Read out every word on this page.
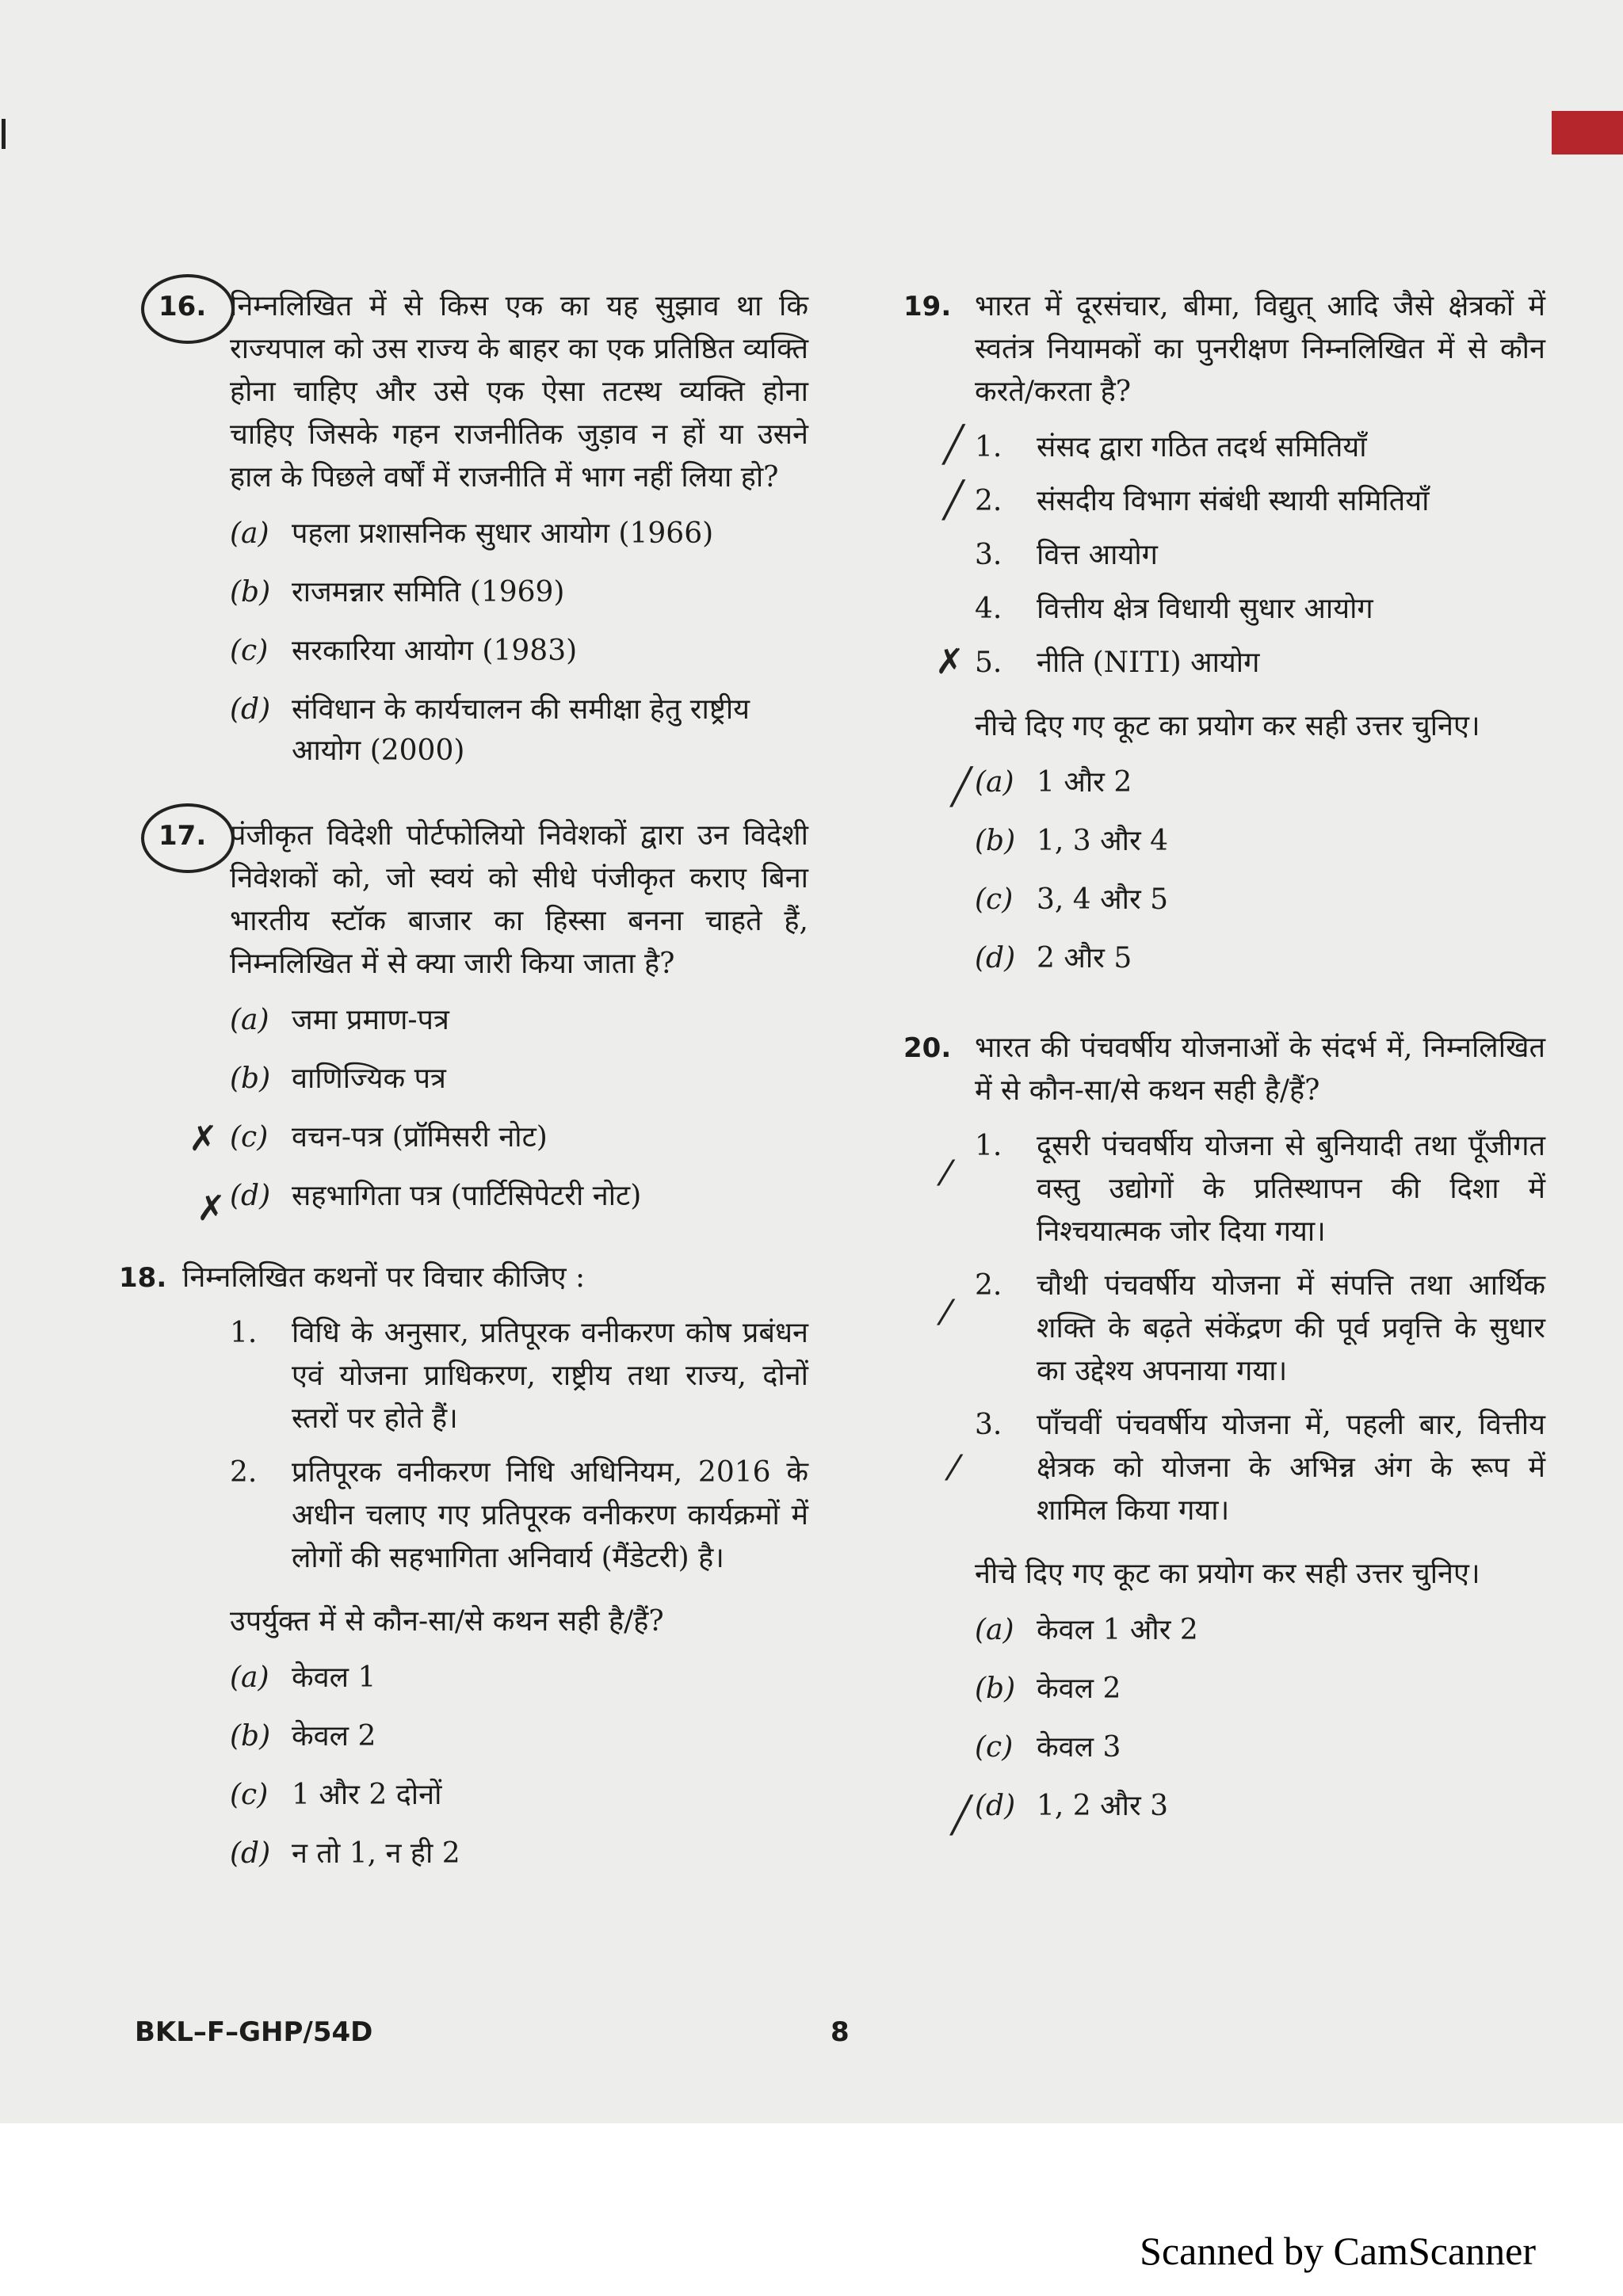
16. निम्नलिखित में से किस एक का यह सुझाव था कि राज्यपाल को उस राज्य के बाहर का एक प्रतिष्ठित व्यक्ति होना चाहिए और उसे एक ऐसा तटस्थ व्यक्ति होना चाहिए जिसके गहन राजनीतिक जुड़ाव न हों या उसने हाल के पिछले वर्षों में राजनीति में भाग नहीं लिया हो?
(a) पहला प्रशासनिक सुधार आयोग (1966)
(b) राजमन्नार समिति (1969)
(c) सरकारिया आयोग (1983)
(d) संविधान के कार्यचालन की समीक्षा हेतु राष्ट्रीय आयोग (2000)
17. पंजीकृत विदेशी पोर्टफोलियो निवेशकों द्वारा उन विदेशी निवेशकों को, जो स्वयं को सीधे पंजीकृत कराए बिना भारतीय स्टॉक बाजार का हिस्सा बनना चाहते हैं, निम्नलिखित में से क्या जारी किया जाता है?
(a) जमा प्रमाण-पत्र
(b) वाणिज्यिक पत्र
✗ (c) वचन-पत्र (प्रॉमिसरी नोट)
✗ (d) सहभागिता पत्र (पार्टिसिपेटरी नोट)
18. निम्नलिखित कथनों पर विचार कीजिए :
1. विधि के अनुसार, प्रतिपूरक वनीकरण कोष प्रबंधन एवं योजना प्राधिकरण, राष्ट्रीय तथा राज्य, दोनों स्तरों पर होते हैं।
2. प्रतिपूरक वनीकरण निधि अधिनियम, 2016 के अधीन चलाए गए प्रतिपूरक वनीकरण कार्यक्रमों में लोगों की सहभागिता अनिवार्य (मैंडेटरी) है।
उपर्युक्त में से कौन-सा/से कथन सही है/हैं?
(a) केवल 1
(b) केवल 2
(c) 1 और 2 दोनों
(d) न तो 1, न ही 2
19. भारत में दूरसंचार, बीमा, विद्युत् आदि जैसे क्षेत्रकों में स्वतंत्र नियामकों का पुनरीक्षण निम्नलिखित में से कौन करते/करता है?
╱ 1. संसद द्वारा गठित तदर्थ समितियाँ
╱ 2. संसदीय विभाग संबंधी स्थायी समितियाँ
3. वित्त आयोग
4. वित्तीय क्षेत्र विधायी सुधार आयोग
✗ 5. नीति (NITI) आयोग
नीचे दिए गए कूट का प्रयोग कर सही उत्तर चुनिए।
╱ (a) 1 और 2
(b) 1, 3 और 4
(c) 3, 4 और 5
(d) 2 और 5
20. भारत की पंचवर्षीय योजनाओं के संदर्भ में, निम्नलिखित में से कौन-सा/से कथन सही है/हैं?
⁄
1. दूसरी पंचवर्षीय योजना से बुनियादी तथा पूँजीगत वस्तु उद्योगों के प्रतिस्थापन की दिशा में निश्चयात्मक जोर दिया गया।
⁄
2. चौथी पंचवर्षीय योजना में संपत्ति तथा आर्थिक शक्ति के बढ़ते संकेंद्रण की पूर्व प्रवृत्ति के सुधार का उद्देश्य अपनाया गया।
⁄
3. पाँचवीं पंचवर्षीय योजना में, पहली बार, वित्तीय क्षेत्रक को योजना के अभिन्न अंग के रूप में शामिल किया गया।
नीचे दिए गए कूट का प्रयोग कर सही उत्तर चुनिए।
(a) केवल 1 और 2
(b) केवल 2
(c) केवल 3
╱ (d) 1, 2 और 3
BKL–F–GHP/54D	8
Scanned by CamScanner
